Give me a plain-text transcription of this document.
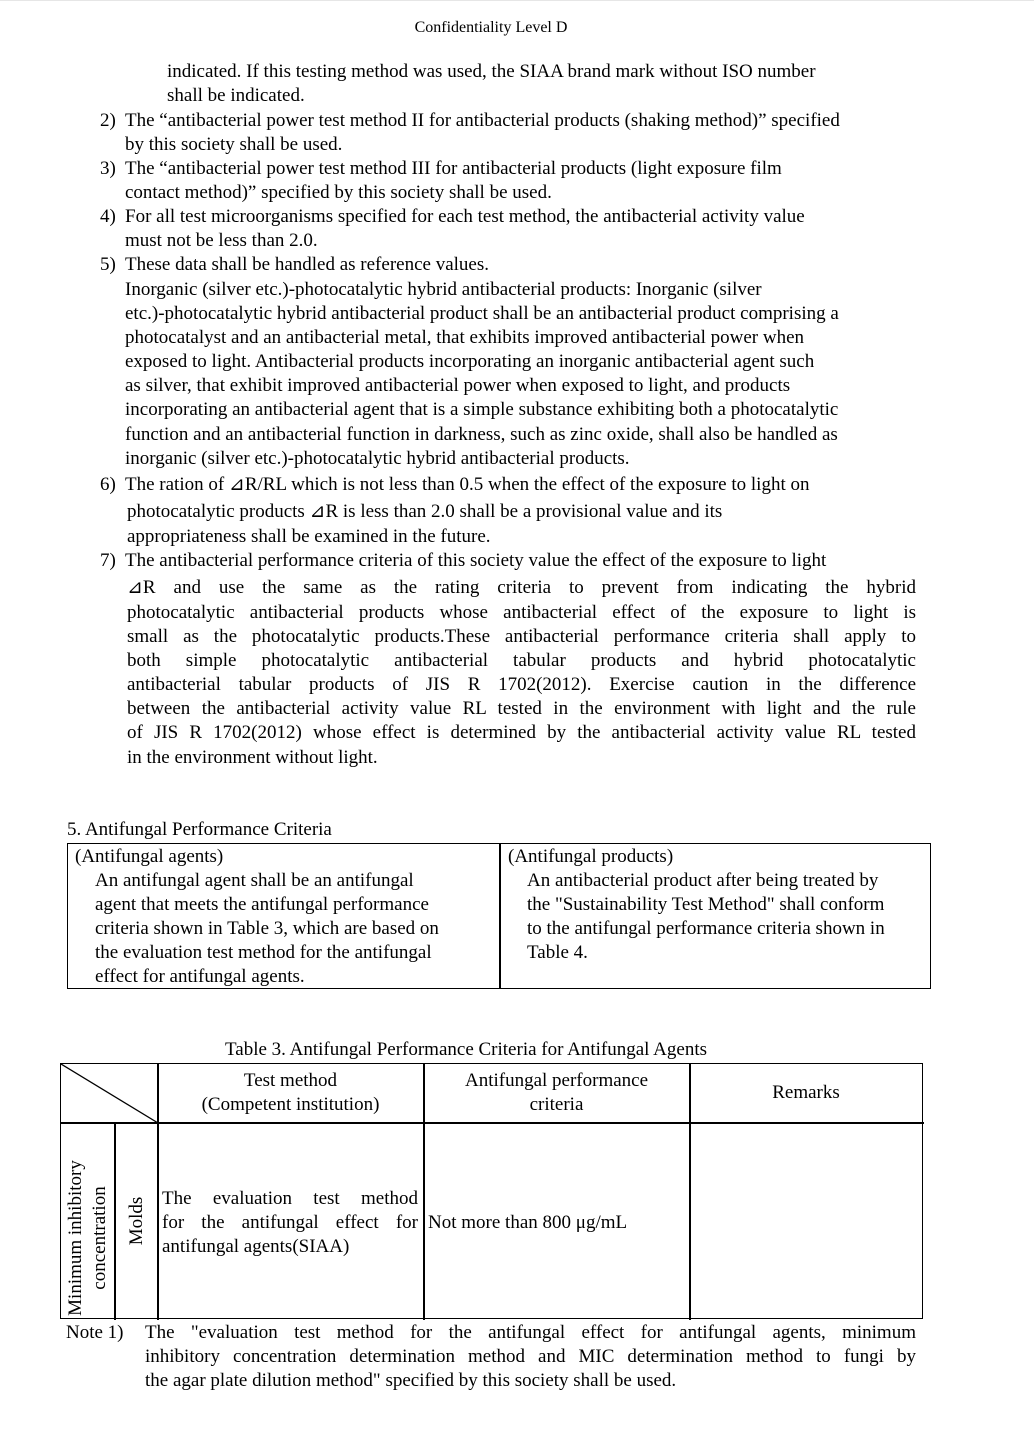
Confidentiality Level D
indicated. If this testing method was used, the SIAA brand mark without ISO number
shall be indicated.
2) The “antibacterial power test method II for antibacterial products (shaking method)” specified
by this society shall be used.
3) The “antibacterial power test method III for antibacterial products (light exposure film
contact method)” specified by this society shall be used.
4) For all test microorganisms specified for each test method, the antibacterial activity value
must not be less than 2.0.
5) These data shall be handled as reference values.
Inorganic (silver etc.)-photocatalytic hybrid antibacterial products: Inorganic (silver
etc.)-photocatalytic hybrid antibacterial product shall be an antibacterial product comprising a
photocatalyst and an antibacterial metal, that exhibits improved antibacterial power when
exposed to light. Antibacterial products incorporating an inorganic antibacterial agent such
as silver, that exhibit improved antibacterial power when exposed to light, and products
incorporating an antibacterial agent that is a simple substance exhibiting both a photocatalytic
function and an antibacterial function in darkness, such as zinc oxide, shall also be handled as
inorganic (silver etc.)-photocatalytic hybrid antibacterial products.
6) The ration of ⊿R/RL which is not less than 0.5 when the effect of the exposure to light on
photocatalytic products ⊿R is less than 2.0 shall be a provisional value and its
appropriateness shall be examined in the future.
7) The antibacterial performance criteria of this society value the effect of the exposure to light
⊿R and use the same as the rating criteria to prevent from indicating the hybrid
photocatalytic antibacterial products whose antibacterial effect of the exposure to light is
small as the photocatalytic products.These antibacterial performance criteria shall apply to
both simple photocatalytic antibacterial tabular products and hybrid photocatalytic
antibacterial tabular products of JIS R 1702(2012). Exercise caution in the difference
between the antibacterial activity value RL tested in the environment with light and the rule
of JIS R 1702(2012) whose effect is determined by the antibacterial activity value RL tested
in the environment without light.
5. Antifungal Performance Criteria
(Antifungal agents)
An antifungal agent shall be an antifungal
agent that meets the antifungal performance
criteria shown in Table 3, which are based on
the evaluation test method for the antifungal
effect for antifungal agents.
(Antifungal products)
An antibacterial product after being treated by
the "Sustainability Test Method" shall conform
to the antifungal performance criteria shown in
Table 4.
Table 3. Antifungal Performance Criteria for Antifungal Agents
Test method
(Competent institution)
Antifungal performance
criteria
Remarks
Minimum inhibitory concentration Molds The evaluation test method
for the antifungal effect for
antifungal agents(SIAA)
Not more than 800 μg/mL
Note 1) The "evaluation test method for the antifungal effect for antifungal agents, minimum
inhibitory concentration determination method and MIC determination method to fungi by
the agar plate dilution method" specified by this society shall be used.
